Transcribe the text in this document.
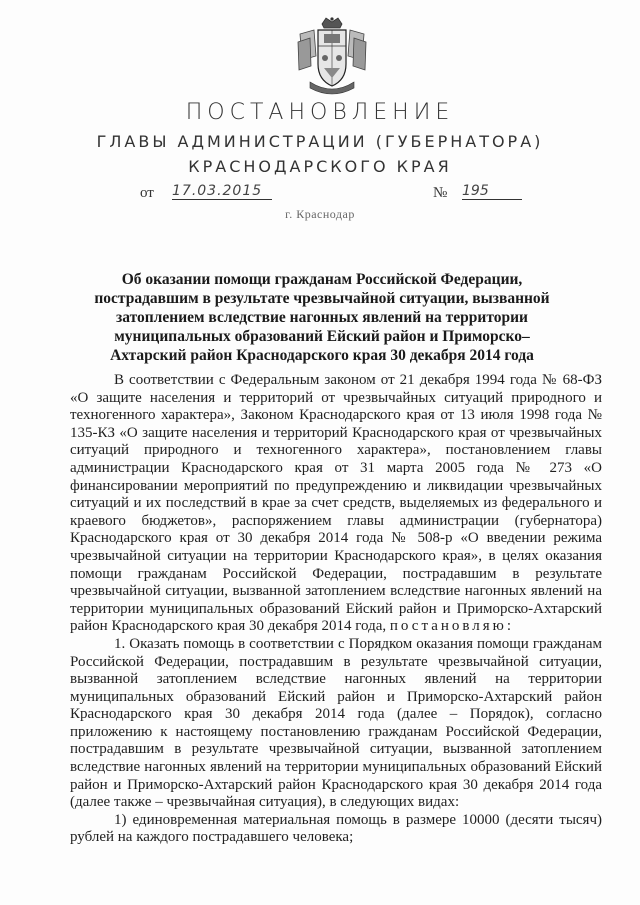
ПОСТАНОВЛЕНИЕ
ГЛАВЫ АДМИНИСТРАЦИИ (ГУБЕРНАТОРА)
КРАСНОДАРСКОГО КРАЯ
от 17.03.2015	№ 195
г. Краснодар
Об оказании помощи гражданам Российской Федерации, пострадавшим в результате чрезвычайной ситуации, вызванной затоплением вследствие нагонных явлений на территории муниципальных образований Ейский район и Приморско–Ахтарский район Краснодарского края 30 декабря 2014 года

В соответствии с Федеральным законом от 21 декабря 1994 года № 68-ФЗ «О защите населения и территорий от чрезвычайных ситуаций природного и техногенного характера», Законом Краснодарского края от 13 июля 1998 года № 135-КЗ «О защите населения и территорий Краснодарского края от чрезвычайных ситуаций природного и техногенного характера», постановлением главы администрации Краснодарского края от 31 марта 2005 года № 273 «О финансировании мероприятий по предупреждению и ликвидации чрезвычайных ситуаций и их последствий в крае за счет средств, выделяемых из федерального и краевого бюджетов», распоряжением главы администрации (губернатора) Краснодарского края от 30 декабря 2014 года № 508-р «О введении режима чрезвычайной ситуации на территории Краснодарского края», в целях оказания помощи гражданам Российской Федерации, пострадавшим в результате чрезвычайной ситуации, вызванной затоплением вследствие нагонных явлений на территории муниципальных образований Ейский район и Приморско-Ахтарский район Краснодарского края 30 декабря 2014 года, постановляю:

1. Оказать помощь в соответствии с Порядком оказания помощи гражданам Российской Федерации, пострадавшим в результате чрезвычайной ситуации, вызванной затоплением вследствие нагонных явлений на территории муниципальных образований Ейский район и Приморско-Ахтарский район Краснодарского края 30 декабря 2014 года (далее – Порядок), согласно приложению к настоящему постановлению гражданам Российской Федерации, пострадавшим в результате чрезвычайной ситуации, вызванной затоплением вследствие нагонных явлений на территории муниципальных образований Ейский район и Приморско-Ахтарский район Краснодарского края 30 декабря 2014 года (далее также – чрезвычайная ситуация), в следующих видах:

1) единовременная материальная помощь в размере 10000 (десяти тысяч) рублей на каждого пострадавшего человека;
